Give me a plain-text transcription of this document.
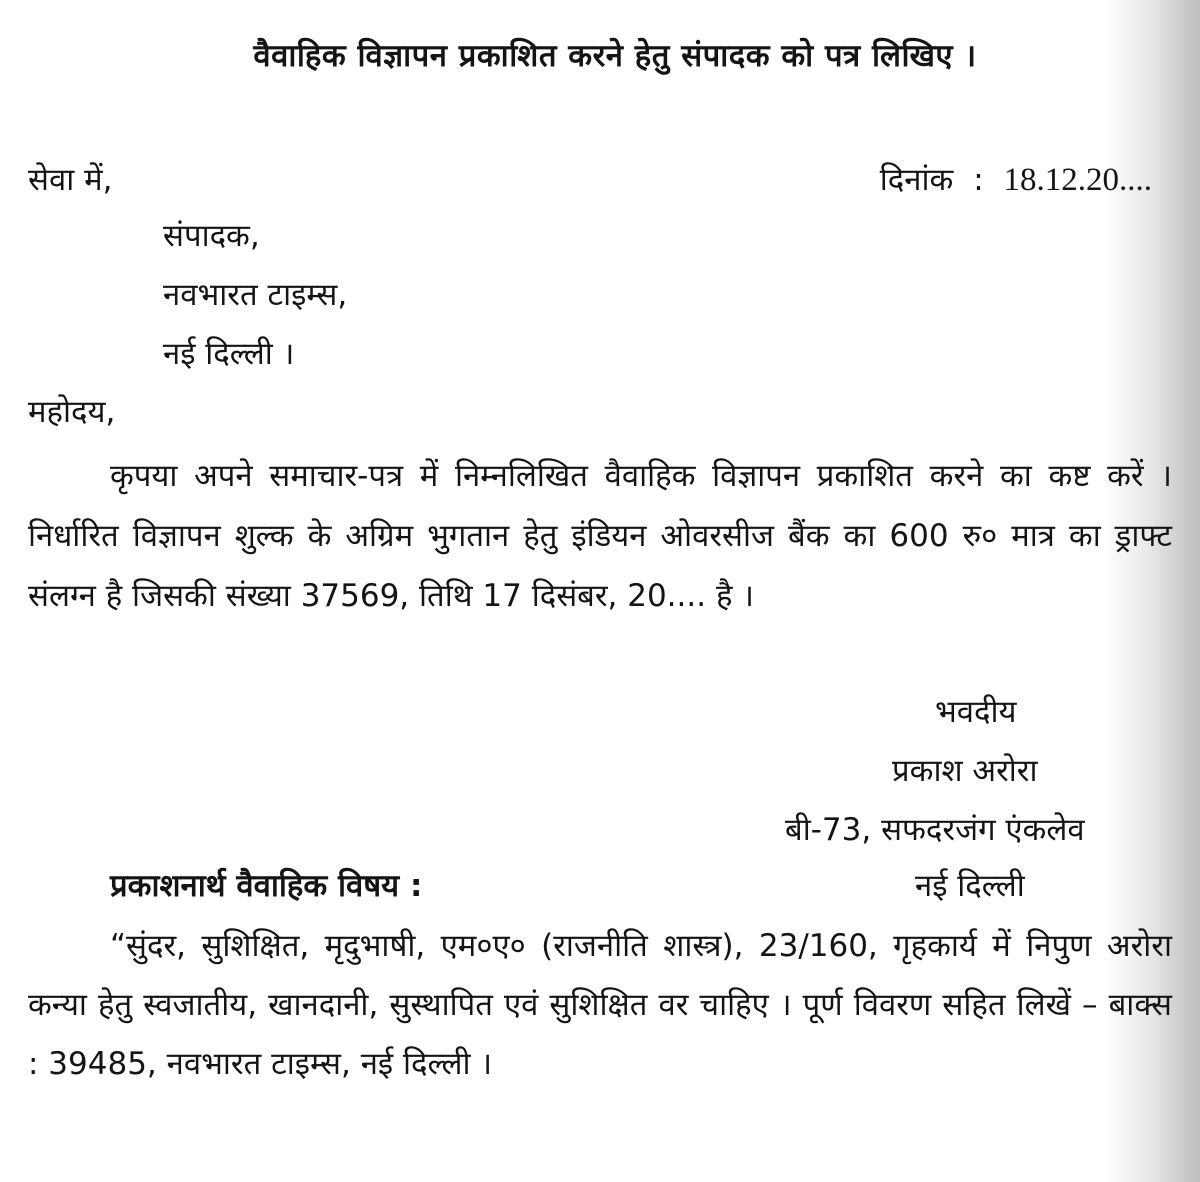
वैवाहिक विज्ञापन प्रकाशित करने हेतु संपादक को पत्र लिखिए ।
सेवा में,	दिनांक : 18.12.20....
संपादक,
नवभारत टाइम्स,
नई दिल्ली ।
महोदय,
कृपया अपने समाचार-पत्र में निम्नलिखित वैवाहिक विज्ञापन प्रकाशित करने का कष्ट करें । निर्धारित विज्ञापन शुल्क के अग्रिम भुगतान हेतु इंडियन ओवरसीज बैंक का 600 रु० मात्र का ड्राफ्ट संलग्न है जिसकी संख्या 37569, तिथि 17 दिसंबर, 20.... है ।
भवदीय
प्रकाश अरोरा
बी-73, सफदरजंग एंकलेव
प्रकाशनार्थ वैवाहिक विषय :	नई दिल्ली
“सुंदर, सुशिक्षित, मृदुभाषी, एम०ए० (राजनीति शास्त्र), 23/160, गृहकार्य में निपुण अरोरा कन्या हेतु स्वजातीय, खानदानी, सुस्थापित एवं सुशिक्षित वर चाहिए । पूर्ण विवरण सहित लिखें – बाक्स : 39485, नवभारत टाइम्स, नई दिल्ली ।
